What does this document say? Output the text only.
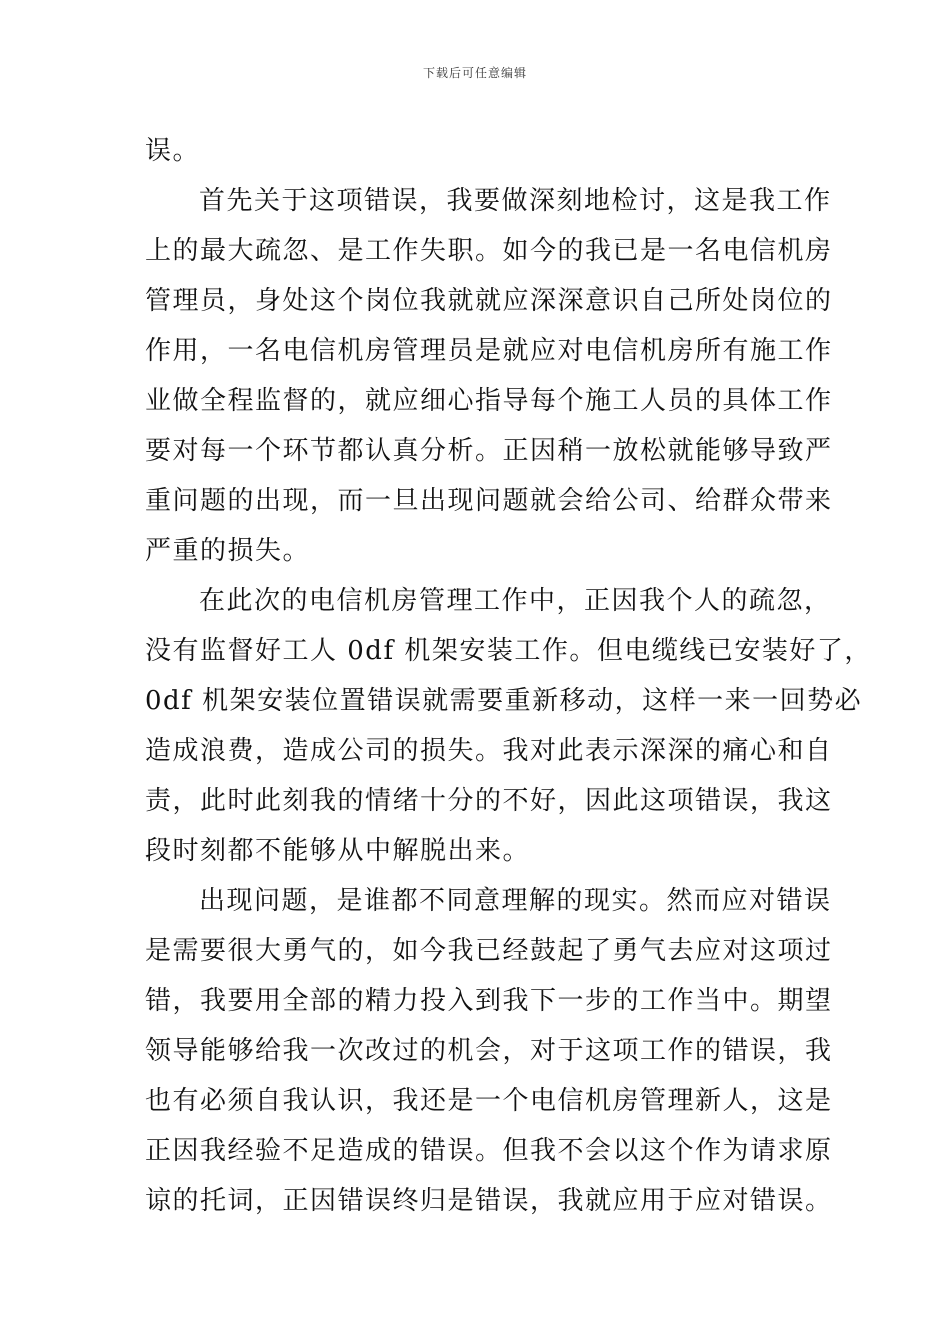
下载后可任意编辑
误。
首先关于这项错误，我要做深刻地检讨，这是我工作
上的最大疏忽、是工作失职。如今的我已是一名电信机房
管理员，身处这个岗位我就就应深深意识自己所处岗位的
作用，一名电信机房管理员是就应对电信机房所有施工作
业做全程监督的，就应细心指导每个施工人员的具体工作
要对每一个环节都认真分析。正因稍一放松就能够导致严
重问题的出现，而一旦出现问题就会给公司、给群众带来
严重的损失。
在此次的电信机房管理工作中，正因我个人的疏忽，
没有监督好工人 0df 机架安装工作。但电缆线已安装好了，
0df 机架安装位置错误就需要重新移动，这样一来一回势必
造成浪费，造成公司的损失。我对此表示深深的痛心和自
责，此时此刻我的情绪十分的不好，因此这项错误，我这
段时刻都不能够从中解脱出来。
出现问题，是谁都不同意理解的现实。然而应对错误
是需要很大勇气的，如今我已经鼓起了勇气去应对这项过
错，我要用全部的精力投入到我下一步的工作当中。期望
领导能够给我一次改过的机会，对于这项工作的错误，我
也有必须自我认识，我还是一个电信机房管理新人，这是
正因我经验不足造成的错误。但我不会以这个作为请求原
谅的托词，正因错误终归是错误，我就应用于应对错误。
